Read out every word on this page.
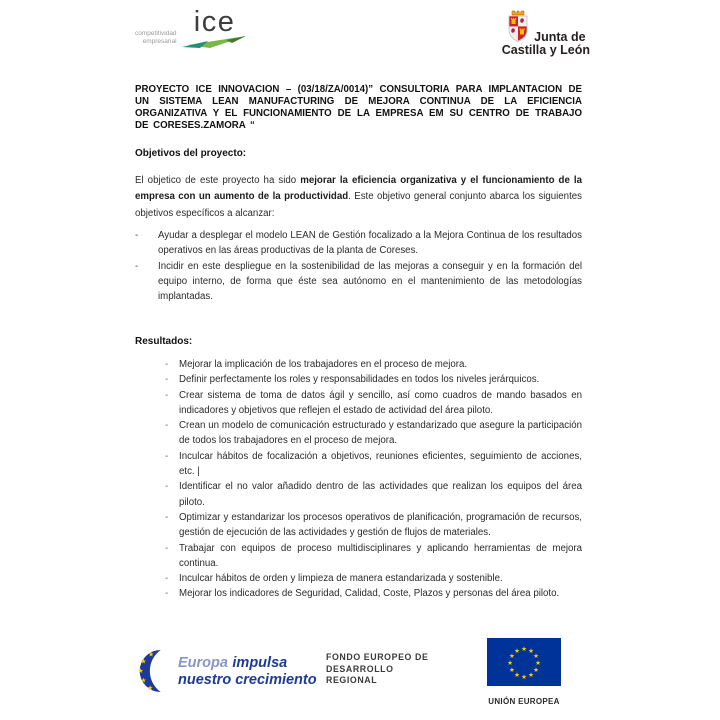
competitividad
empresarial
ice	Junta de
Castilla y León

PROYECTO ICE INNOVACION – (03/18/ZA/0014)” CONSULTORIA PARA IMPLANTACION DE UN SISTEMA LEAN MANUFACTURING DE MEJORA CONTINUA DE LA EFICIENCIA ORGANIZATIVA Y EL FUNCIONAMIENTO DE LA EMPRESA EM SU CENTRO DE TRABAJO DE CORESES.ZAMORA “

Objetivos del proyecto:

El objetico de este proyecto ha sido mejorar la eficiencia organizativa y el funcionamiento de la empresa con un aumento de la productividad. Este objetivo general conjunto abarca los siguientes objetivos específicos a alcanzar:

-	Ayudar a desplegar el modelo LEAN de Gestión focalizado a la Mejora Continua de los resultados operativos en las áreas productivas de la planta de Coreses.
-	Incidir en este despliegue en la sostenibilidad de las mejoras a conseguir y en la formación del equipo interno, de forma que éste sea autónomo en el mantenimiento de las metodologías implantadas.
Resultados:
-	Mejorar la implicación de los trabajadores en el proceso de mejora.
-	Definir perfectamente los roles y responsabilidades en todos los niveles jerárquicos.
-	Crear sistema de toma de datos ágil y sencillo, así como cuadros de mando basados en indicadores y objetivos que reflejen el estado de actividad del área piloto.
-	Crean un modelo de comunicación estructurado y estandarizado que asegure la participación de todos los trabajadores en el proceso de mejora.
-	Inculcar hábitos de focalización a objetivos, reuniones eficientes, seguimiento de acciones, etc. |
-	Identificar el no valor añadido dentro de las actividades que realizan los equipos del área piloto.
-	Optimizar y estandarizar los procesos operativos de planificación, programación de recursos, gestión de ejecución de las actividades y gestión de flujos de materiales.
-	Trabajar con equipos de proceso multidisciplinares y aplicando herramientas de mejora continua.
-	Inculcar hábitos de orden y limpieza de manera estandarizada y sostenible.
-	Mejorar los indicadores de Seguridad, Calidad, Coste, Plazos y personas del área piloto.
★
★
★
★
★
Europa impulsa
nuestro crecimiento
FONDO EUROPEO DE
DESARROLLO
REGIONAL
★ ★
★
★
★
★
★
★
★
★
★
★
UNIÓN EUROPEA
